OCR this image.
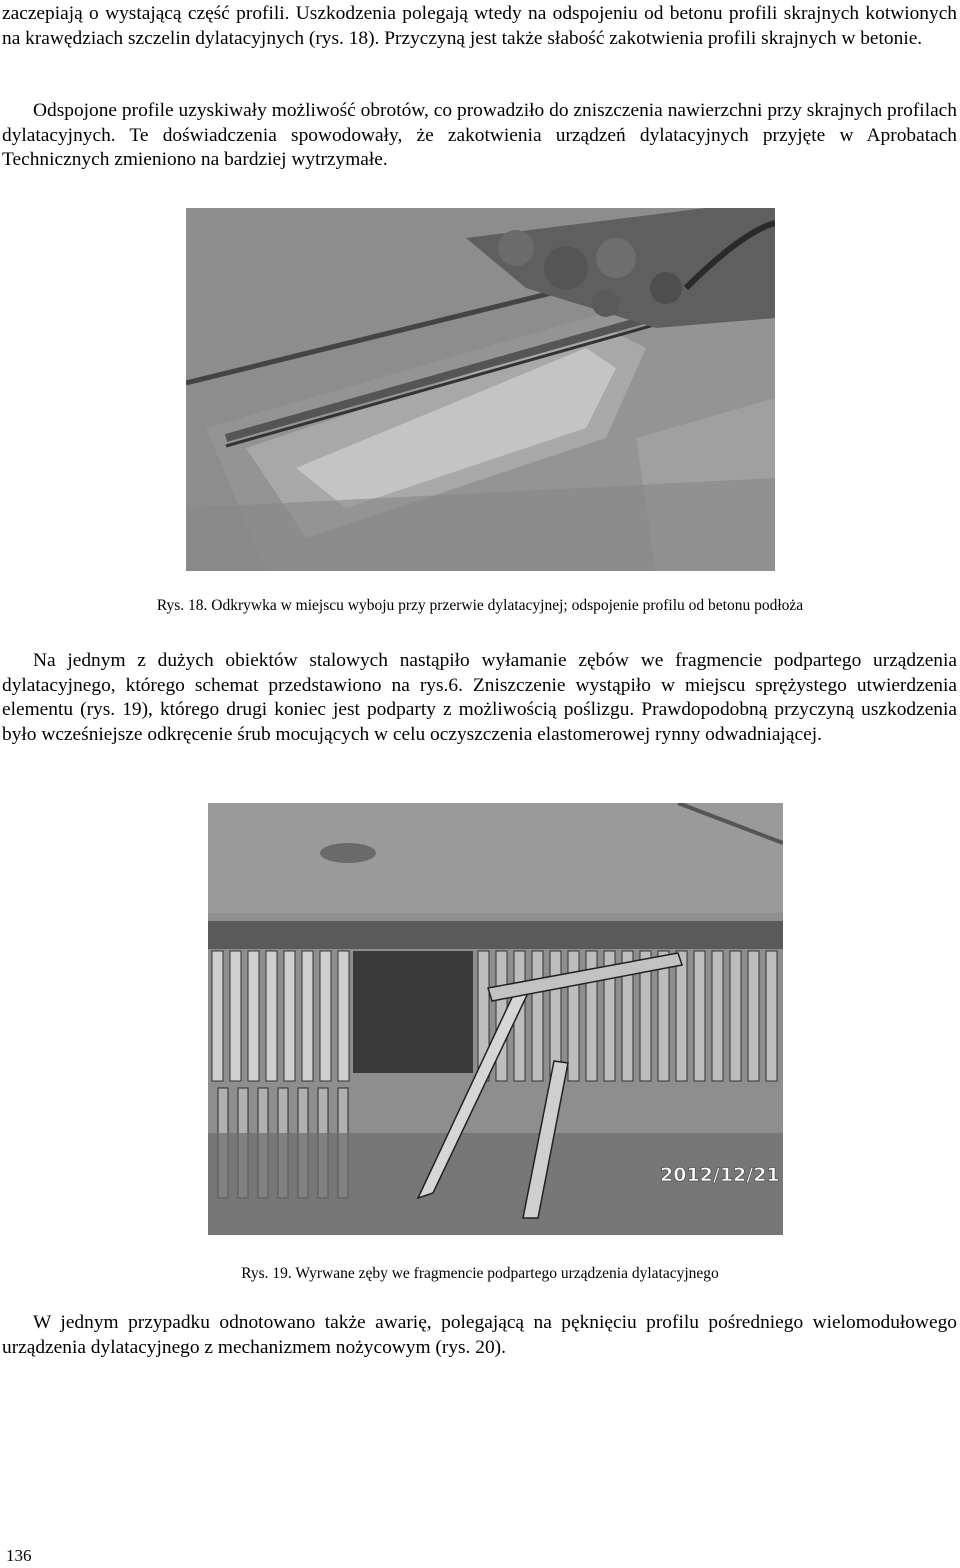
zaczepiają o wystającą część profili. Uszkodzenia polegają wtedy na odspojeniu od betonu profili skrajnych kotwionych na krawędziach szczelin dylatacyjnych (rys. 18). Przyczyną jest także słabość zakotwienia profili skrajnych w betonie.

Odspojone profile uzyskiwały możliwość obrotów, co prowadziło do zniszczenia nawierzchni przy skrajnych profilach dylatacyjnych. Te doświadczenia spowodowały, że zakotwienia urządzeń dylatacyjnych przyjęte w Aprobatach Technicznych zmieniono na bardziej wytrzymałe.

Rys. 18. Odkrywka w miejscu wyboju przy przerwie dylatacyjnej; odspojenie profilu od betonu podłoża

Na jednym z dużych obiektów stalowych nastąpiło wyłamanie zębów we fragmencie podpartego urządzenia dylatacyjnego, którego schemat przedstawiono na rys.6. Zniszczenie wystąpiło w miejscu sprężystego utwierdzenia elementu (rys. 19), którego drugi koniec jest podparty z możliwością poślizgu. Prawdopodobną przyczyną uszkodzenia było wcześniejsze odkręcenie śrub mocujących w celu oczyszczenia elastomerowej rynny odwadniającej.

2012/12/21
Rys. 19. Wyrwane zęby we fragmencie podpartego urządzenia dylatacyjnego

W jednym przypadku odnotowano także awarię, polegającą na pęknięciu profilu pośredniego wielomodułowego urządzenia dylatacyjnego z mechanizmem nożycowym (rys. 20).

136
